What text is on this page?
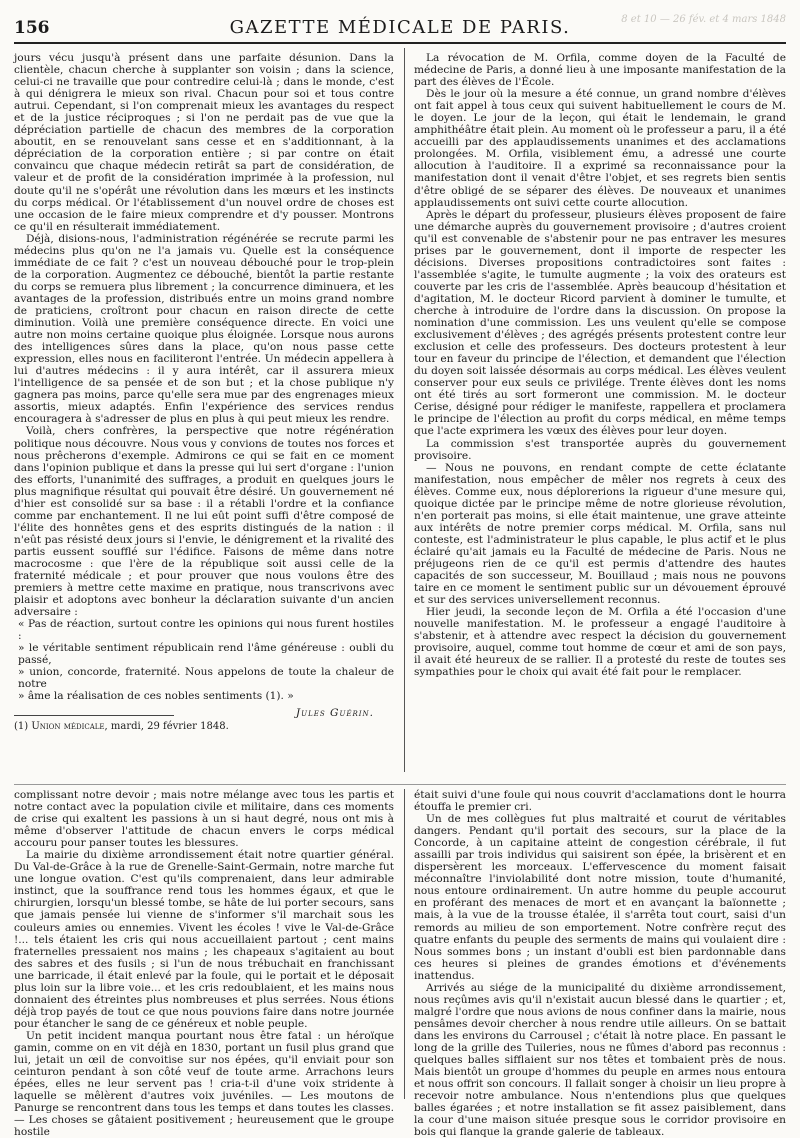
156	GAZETTE MÉDICALE DE PARIS.	8 et 10 — 26 fév. et 4 mars 1848

jours vécu jusqu'à présent dans une parfaite désunion. Dans la clientèle, chacun cherche à supplanter son voisin ; dans la science, celui-ci ne travaille que pour contredire celui-là ; dans le monde, c'est à qui dénigrera le mieux son rival. Chacun pour soi et tous contre autrui. Cependant, si l'on comprenait mieux les avantages du respect et de la justice réciproques ; si l'on ne perdait pas de vue que la dépréciation partielle de chacun des membres de la corporation aboutit, en se renouvelant sans cesse et en s'additionnant, à la dépréciation de la corporation entière ; si par contre on était convaincu que chaque médecin retirât sa part de considération, de valeur et de profit de la considération imprimée à la profession, nul doute qu'il ne s'opérât une révolution dans les mœurs et les instincts du corps médical. Or l'établissement d'un nouvel ordre de choses est une occasion de le faire mieux comprendre et d'y pousser. Montrons ce qu'il en résulterait immédiatement.

Déjà, disions-nous, l'administration régénérée se recrute parmi les médecins plus qu'on ne l'a jamais vu. Quelle est la conséquence immédiate de ce fait ? c'est un nouveau débouché pour le trop-plein de la corporation. Augmentez ce débouché, bientôt la partie restante du corps se remuera plus librement ; la concurrence diminuera, et les avantages de la profession, distribués entre un moins grand nombre de praticiens, croîtront pour chacun en raison directe de cette diminution. Voilà une première conséquence directe. En voici une autre non moins certaine quoique plus éloignée. Lorsque nous aurons des intelligences sûres dans la place, qu'on nous passe cette expression, elles nous en faciliteront l'entrée. Un médecin appellera à lui d'autres médecins : il y aura intérêt, car il assurera mieux l'intelligence de sa pensée et de son but ; et la chose publique n'y gagnera pas moins, parce qu'elle sera mue par des engrenages mieux assortis, mieux adaptés. Enfin l'expérience des services rendus encouragera à s'adresser de plus en plus à qui peut mieux les rendre.

Voilà, chers confrères, la perspective que notre régénération politique nous découvre. Nous vous y convions de toutes nos forces et nous prêcherons d'exemple. Admirons ce qui se fait en ce moment dans l'opinion publique et dans la presse qui lui sert d'organe : l'union des efforts, l'unanimité des suffrages, a produit en quelques jours le plus magnifique résultat qui pouvait être désiré. Un gouvernement né d'hier est consolidé sur sa base : il a rétabli l'ordre et la confiance comme par enchantement. Il ne lui eût point suffi d'être composé de l'élite des honnêtes gens et des esprits distingués de la nation : il n'eût pas résisté deux jours si l'envie, le dénigrement et la rivalité des partis eussent soufflé sur l'édifice. Faisons de même dans notre macrocosme : que l'ère de la république soit aussi celle de la fraternité médicale ; et pour prouver que nous voulons être des premiers à mettre cette maxime en pratique, nous transcrivons avec plaisir et adoptons avec bonheur la déclaration suivante d'un ancien adversaire :

« Pas de réaction, surtout contre les opinions qui nous furent hostiles :

» le véritable sentiment républicain rend l'âme généreuse : oubli du passé,

» union, concorde, fraternité. Nous appelons de toute la chaleur de notre

» âme la réalisation de ces nobles sentiments (1). »

Jules Guérin.

(1) Union médicale, mardi, 29 février 1848.

La révocation de M. Orfila, comme doyen de la Faculté de médecine de Paris, a donné lieu à une imposante manifestation de la part des élèves de l'École.

Dès le jour où la mesure a été connue, un grand nombre d'élèves ont fait appel à tous ceux qui suivent habituellement le cours de M. le doyen. Le jour de la leçon, qui était le lendemain, le grand amphithéâtre était plein. Au moment où le professeur a paru, il a été accueilli par des applaudissements unanimes et des acclamations prolongées. M. Orfila, visiblement ému, a adressé une courte allocution à l'auditoire. Il a exprimé sa reconnaissance pour la manifestation dont il venait d'être l'objet, et ses regrets bien sentis d'être obligé de se séparer des élèves. De nouveaux et unanimes applaudissements ont suivi cette courte allocution.

Après le départ du professeur, plusieurs élèves proposent de faire une démarche auprès du gouvernement provisoire ; d'autres croient qu'il est convenable de s'abstenir pour ne pas entraver les mesures prises par le gouvernement, dont il importe de respecter les décisions. Diverses propositions contradictoires sont faites : l'assemblée s'agite, le tumulte augmente ; la voix des orateurs est couverte par les cris de l'assemblée. Après beaucoup d'hésitation et d'agitation, M. le docteur Ricord parvient à dominer le tumulte, et cherche à introduire de l'ordre dans la discussion. On propose la nomination d'une commission. Les uns veulent qu'elle se compose exclusivement d'élèves ; des agrégés présents protestent contre leur exclusion et celle des professeurs. Des docteurs protestent à leur tour en faveur du principe de l'élection, et demandent que l'élection du doyen soit laissée désormais au corps médical. Les élèves veulent conserver pour eux seuls ce privilége. Trente élèves dont les noms ont été tirés au sort formeront une commission. M. le docteur Cerise, désigné pour rédiger le manifeste, rappellera et proclamera le principe de l'élection au profit du corps médical, en même temps que l'acte exprimera les vœux des élèves pour leur doyen.

La commission s'est transportée auprès du gouvernement provisoire.

— Nous ne pouvons, en rendant compte de cette éclatante manifestation, nous empêcher de mêler nos regrets à ceux des élèves. Comme eux, nous déplorerions la rigueur d'une mesure qui, quoique dictée par le principe même de notre glorieuse révolution, n'en porterait pas moins, si elle était maintenue, une grave atteinte aux intérêts de notre premier corps médical. M. Orfila, sans nul conteste, est l'administrateur le plus capable, le plus actif et le plus éclairé qu'ait jamais eu la Faculté de médecine de Paris. Nous ne préjugeons rien de ce qu'il est permis d'attendre des hautes capacités de son successeur, M. Bouillaud ; mais nous ne pouvons taire en ce moment le sentiment public sur un dévouement éprouvé et sur des services universellement reconnus.

Hier jeudi, la seconde leçon de M. Orfila a été l'occasion d'une nouvelle manifestation. M. le professeur a engagé l'auditoire à s'abstenir, et à attendre avec respect la décision du gouvernement provisoire, auquel, comme tout homme de cœur et ami de son pays, il avait été heureux de se rallier. Il a protesté du reste de toutes ses sympathies pour le choix qui avait été fait pour le remplacer.

complissant notre devoir ; mais notre mélange avec tous les partis et notre contact avec la population civile et militaire, dans ces moments de crise qui exaltent les passions à un si haut degré, nous ont mis à même d'observer l'attitude de chacun envers le corps médical accouru pour panser toutes les blessures.

La mairie du dixième arrondissement était notre quartier général. Du Val-de-Grâce à la rue de Grenelle-Saint-Germain, notre marche fut une longue ovation. C'est qu'ils comprenaient, dans leur admirable instinct, que la souffrance rend tous les hommes égaux, et que le chirurgien, lorsqu'un blessé tombe, se hâte de lui porter secours, sans que jamais pensée lui vienne de s'informer s'il marchait sous les couleurs amies ou ennemies. Vivent les écoles ! vive le Val-de-Grâce !... tels étaient les cris qui nous accueillaient partout ; cent mains fraternelles pressaient nos mains ; les chapeaux s'agitaient au bout des sabres et des fusils ; si l'un de nous trébuchait en franchissant une barricade, il était enlevé par la foule, qui le portait et le déposait plus loin sur la libre voie... et les cris redoublaient, et les mains nous donnaient des étreintes plus nombreuses et plus serrées. Nous étions déjà trop payés de tout ce que nous pouvions faire dans notre journée pour étancher le sang de ce généreux et noble peuple.

Un petit incident manqua pourtant nous être fatal : un héroïque gamin, comme on en vit déjà en 1830, portant un fusil plus grand que lui, jetait un œil de convoitise sur nos épées, qu'il enviait pour son ceinturon pendant à son côté veuf de toute arme. Arrachons leurs épées, elles ne leur servent pas ! cria-t-il d'une voix stridente à laquelle se mêlèrent d'autres voix juvéniles. — Les moutons de Panurge se rencontrent dans tous les temps et dans toutes les classes. — Les choses se gâtaient positivement ; heureusement que le groupe hostile

était suivi d'une foule qui nous couvrit d'acclamations dont le hourra étouffa le premier cri.

Un de mes collègues fut plus maltraité et courut de véritables dangers. Pendant qu'il portait des secours, sur la place de la Concorde, à un capitaine atteint de congestion cérébrale, il fut assailli par trois individus qui saisirent son épée, la brisèrent et en dispersèrent les morceaux. L'effervescence du moment faisait méconnaître l'inviolabilité dont notre mission, toute d'humanité, nous entoure ordinairement. Un autre homme du peuple accourut en proférant des menaces de mort et en avançant la baïonnette ; mais, à la vue de la trousse étalée, il s'arrêta tout court, saisi d'un remords au milieu de son emportement. Notre confrère reçut des quatre enfants du peuple des serments de mains qui voulaient dire : Nous sommes bons ; un instant d'oubli est bien pardonnable dans ces heures si pleines de grandes émotions et d'événements inattendus.

Arrivés au siége de la municipalité du dixième arrondissement, nous reçûmes avis qu'il n'existait aucun blessé dans le quartier ; et, malgré l'ordre que nous avions de nous confiner dans la mairie, nous pensâmes devoir chercher à nous rendre utile ailleurs. On se battait dans les environs du Carrousel ; c'était là notre place. En passant le long de la grille des Tuileries, nous ne fûmes d'abord pas reconnus : quelques balles sifflaient sur nos têtes et tombaient près de nous. Mais bientôt un groupe d'hommes du peuple en armes nous entoura et nous offrit son concours. Il fallait songer à choisir un lieu propre à recevoir notre ambulance. Nous n'entendions plus que quelques balles égarées ; et notre installation se fit assez paisiblement, dans la cour d'une maison située presque sous le corridor provisoire en bois qui flanque la grande galerie de tableaux.
